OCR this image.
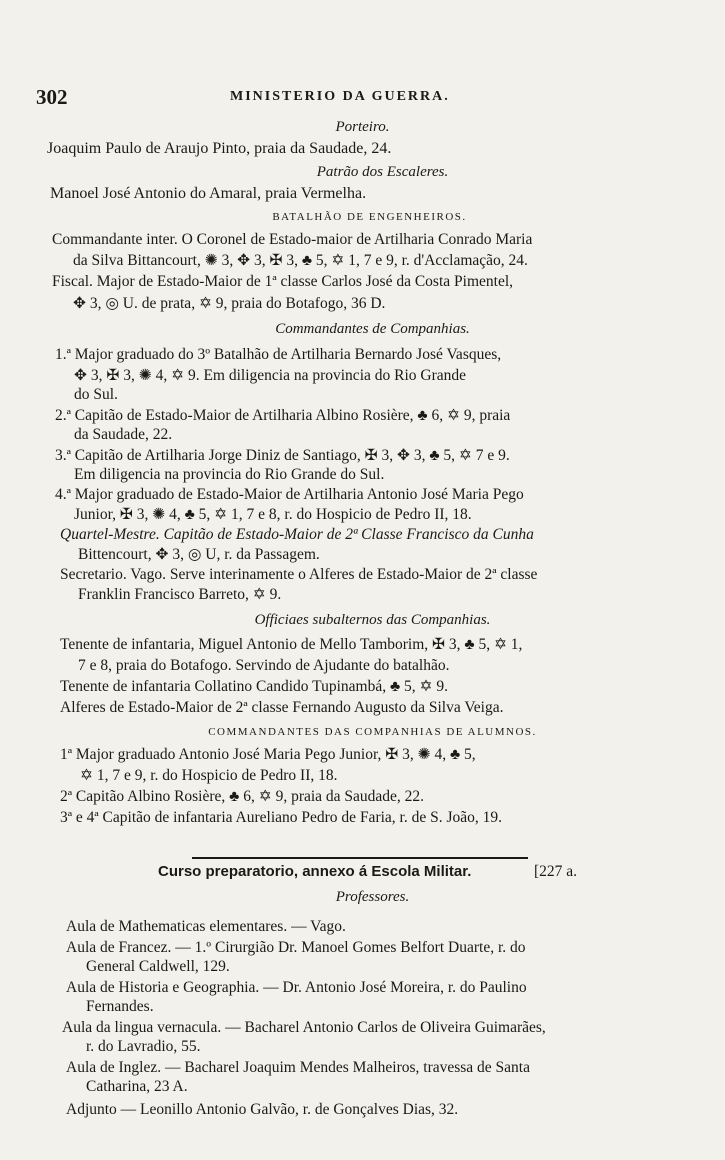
302	MINISTERIO DA GUERRA.
Porteiro.
Joaquim Paulo de Araujo Pinto, praia da Saudade, 24.
Patrão dos Escaleres.
Manoel José Antonio do Amaral, praia Vermelha.
BATALHÃO DE ENGENHEIROS.
Commandante inter. O Coronel de Estado-maior de Artilharia Conrado Maria
da Silva Bittancourt, ✺ 3, ✥ 3, ✠ 3, ♣ 5, ✡ 1, 7 e 9, r. d'Acclamação, 24.
Fiscal. Major de Estado-Maior de 1ª classe Carlos José da Costa Pimentel,
✥ 3, ◎ U. de prata, ✡ 9, praia do Botafogo, 36 D.
Commandantes de Companhias.
1.ª Major graduado do 3º Batalhão de Artilharia Bernardo José Vasques,
✥ 3, ✠ 3, ✺ 4, ✡ 9. Em diligencia na provincia do Rio Grande
do Sul.
2.ª Capitão de Estado-Maior de Artilharia Albino Rosière, ♣ 6, ✡ 9, praia
da Saudade, 22.
3.ª Capitão de Artilharia Jorge Diniz de Santiago, ✠ 3, ✥ 3, ♣ 5, ✡ 7 e 9.
Em diligencia na provincia do Rio Grande do Sul.
4.ª Major graduado de Estado-Maior de Artilharia Antonio José Maria Pego
Junior, ✠ 3, ✺ 4, ♣ 5, ✡ 1, 7 e 8, r. do Hospicio de Pedro II, 18.
Quartel-Mestre. Capitão de Estado-Maior de 2ª Classe Francisco da Cunha
Bittencourt, ✥ 3, ◎ U, r. da Passagem.
Secretario. Vago. Serve interinamente o Alferes de Estado-Maior de 2ª classe
Franklin Francisco Barreto, ✡ 9.
Officiaes subalternos das Companhias.
Tenente de infantaria, Miguel Antonio de Mello Tamborim, ✠ 3, ♣ 5, ✡ 1,
7 e 8, praia do Botafogo. Servindo de Ajudante do batalhão.
Tenente de infantaria Collatino Candido Tupinambá, ♣ 5, ✡ 9.
Alferes de Estado-Maior de 2ª classe Fernando Augusto da Silva Veiga.
COMMANDANTES DAS COMPANHIAS DE ALUMNOS.
1ª Major graduado Antonio José Maria Pego Junior, ✠ 3, ✺ 4, ♣ 5,
✡ 1, 7 e 9, r. do Hospicio de Pedro II, 18.
2ª Capitão Albino Rosière, ♣ 6, ✡ 9, praia da Saudade, 22.
3ª e 4ª Capitão de infantaria Aureliano Pedro de Faria, r. de S. João, 19.
Curso preparatorio, annexo á Escola Militar.	[227 a.
Professores.
Aula de Mathematicas elementares. — Vago.
Aula de Francez. — 1.º Cirurgião Dr. Manoel Gomes Belfort Duarte, r. do
General Caldwell, 129.
Aula de Historia e Geographia. — Dr. Antonio José Moreira, r. do Paulino
Fernandes.
Aula da lingua vernacula. — Bacharel Antonio Carlos de Oliveira Guimarães,
r. do Lavradio, 55.
Aula de Inglez. — Bacharel Joaquim Mendes Malheiros, travessa de Santa
Catharina, 23 A.
Adjunto — Leonillo Antonio Galvão, r. de Gonçalves Dias, 32.
